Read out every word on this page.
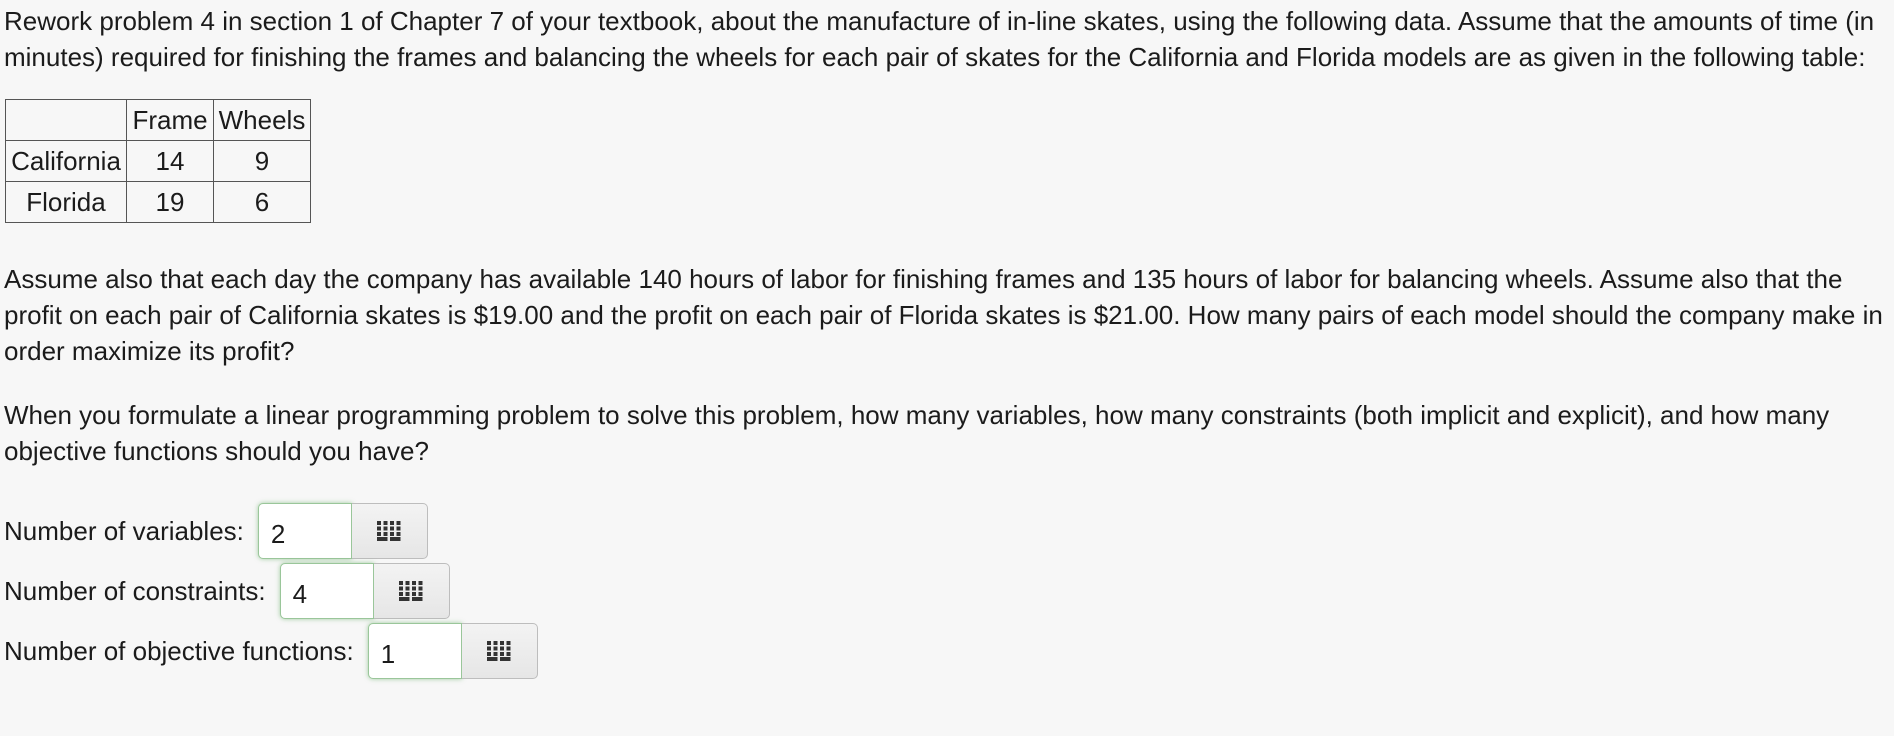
Rework problem 4 in section 1 of Chapter 7 of your textbook, about the manufacture of in-line skates, using the following data. Assume that the amounts of time (in minutes) required for finishing the frames and balancing the wheels for each pair of skates for the California and Florida models are as given in the following table:

	Frame	Wheels
California	14	9
Florida	19	6

Assume also that each day the company has available 140 hours of labor for finishing frames and 135 hours of labor for balancing wheels. Assume also that the profit on each pair of California skates is $19.00 and the profit on each pair of Florida skates is $21.00. How many pairs of each model should the company make in order maximize its profit?

When you formulate a linear programming problem to solve this problem, how many variables, how many constraints (both implicit and explicit), and how many objective functions should you have?

Number of variables:
2
Number of constraints:
4
Number of objective functions:
1
